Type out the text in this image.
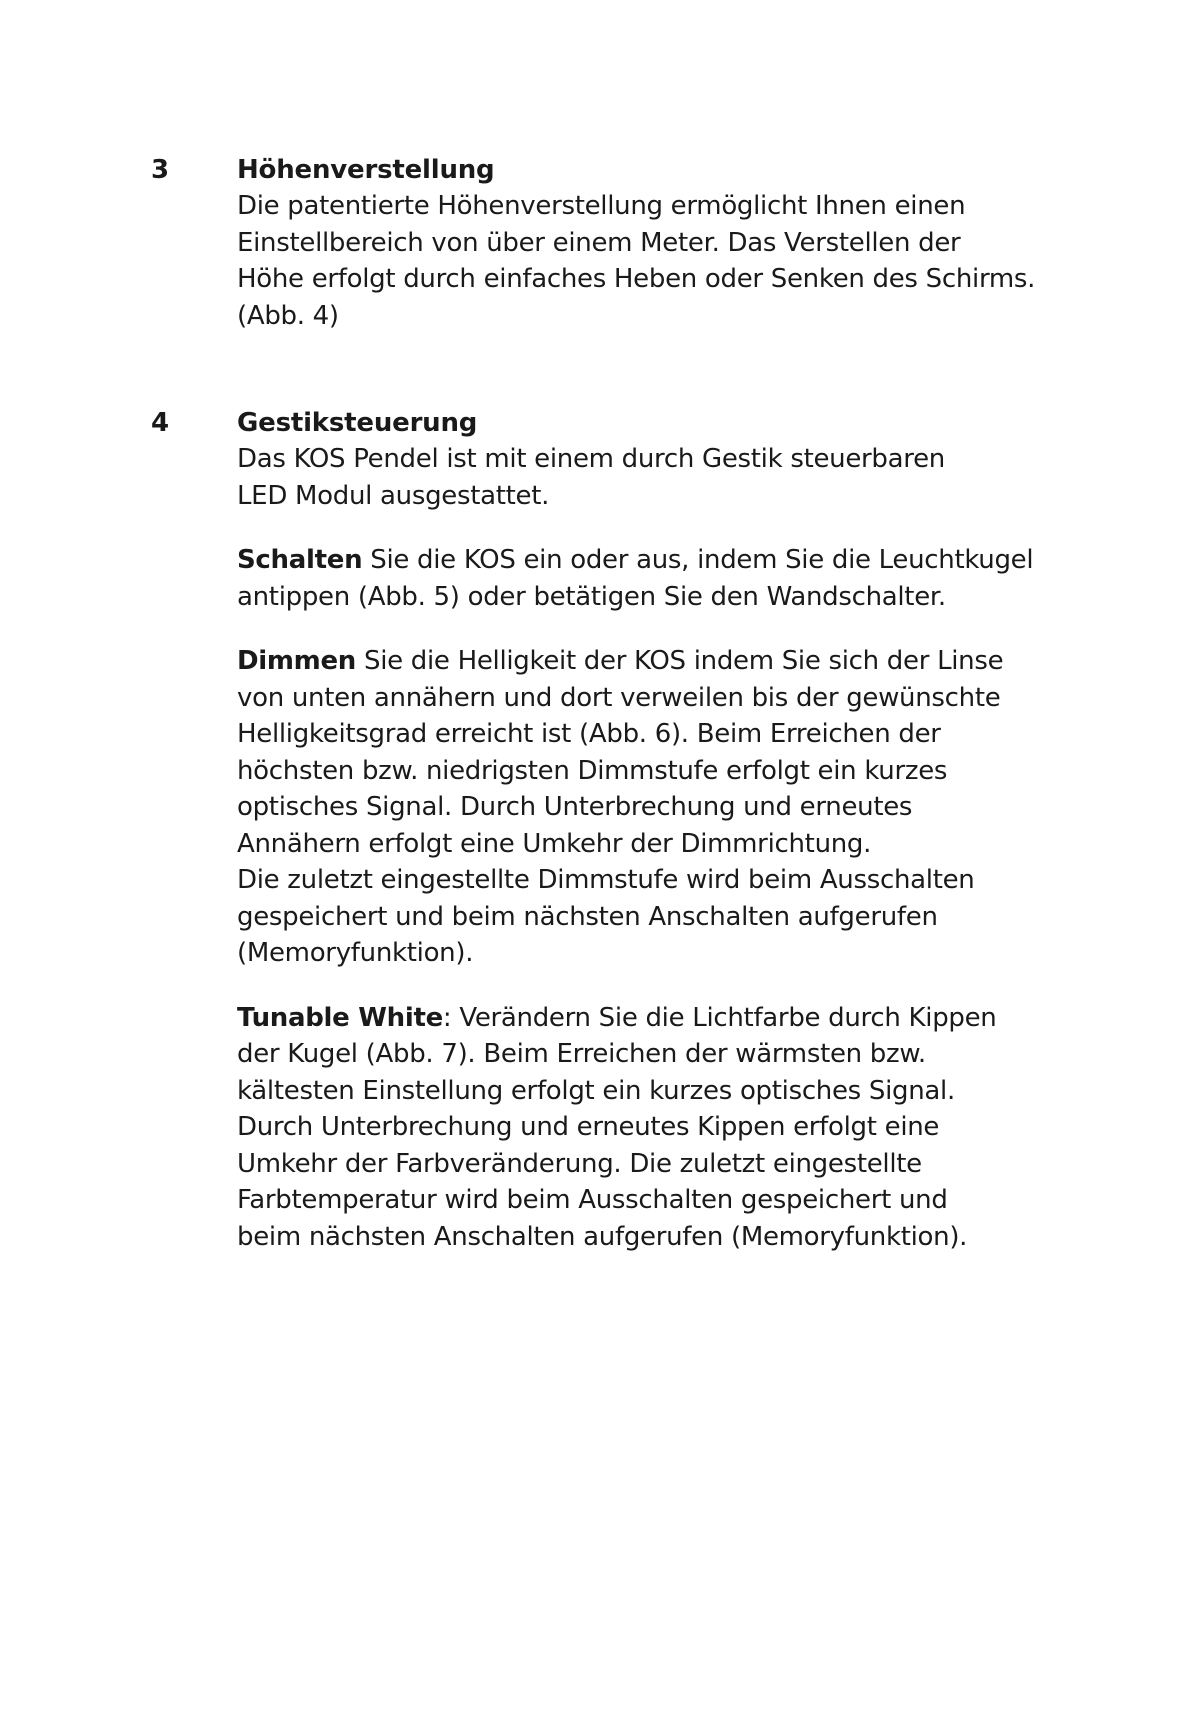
3	Höhenverstellung

Die patentierte Höhenverstellung ermöglicht Ihnen einen
Einstellbereich von über einem Meter. Das Verstellen der
Höhe erfolgt durch einfaches Heben oder Senken des Schirms.
(Abb. 4)

4	Gestiksteuerung

Das KOS Pendel ist mit einem durch Gestik steuerbaren
LED Modul ausgestattet.

Schalten Sie die KOS ein oder aus, indem Sie die Leuchtkugel
antippen (Abb. 5) oder betätigen Sie den Wandschalter.

Dimmen Sie die Helligkeit der KOS indem Sie sich der Linse
von unten annähern und dort verweilen bis der gewünschte
Helligkeitsgrad erreicht ist (Abb. 6). Beim Erreichen der
höchsten bzw. niedrigsten Dimmstufe erfolgt ein kurzes
optisches Signal. Durch Unterbrechung und erneutes
Annähern erfolgt eine Umkehr der Dimmrichtung.
Die zuletzt eingestellte Dimmstufe wird beim Ausschalten
gespeichert und beim nächsten Anschalten aufgerufen
(Memoryfunktion).

Tunable White: Verändern Sie die Lichtfarbe durch Kippen
der Kugel (Abb. 7). Beim Erreichen der wärmsten bzw.
kältesten Einstellung erfolgt ein kurzes optisches Signal.
Durch Unterbrechung und erneutes Kippen erfolgt eine
Umkehr der Farbveränderung. Die zuletzt eingestellte
Farbtemperatur wird beim Ausschalten gespeichert und
beim nächsten Anschalten aufgerufen (Memoryfunktion).
